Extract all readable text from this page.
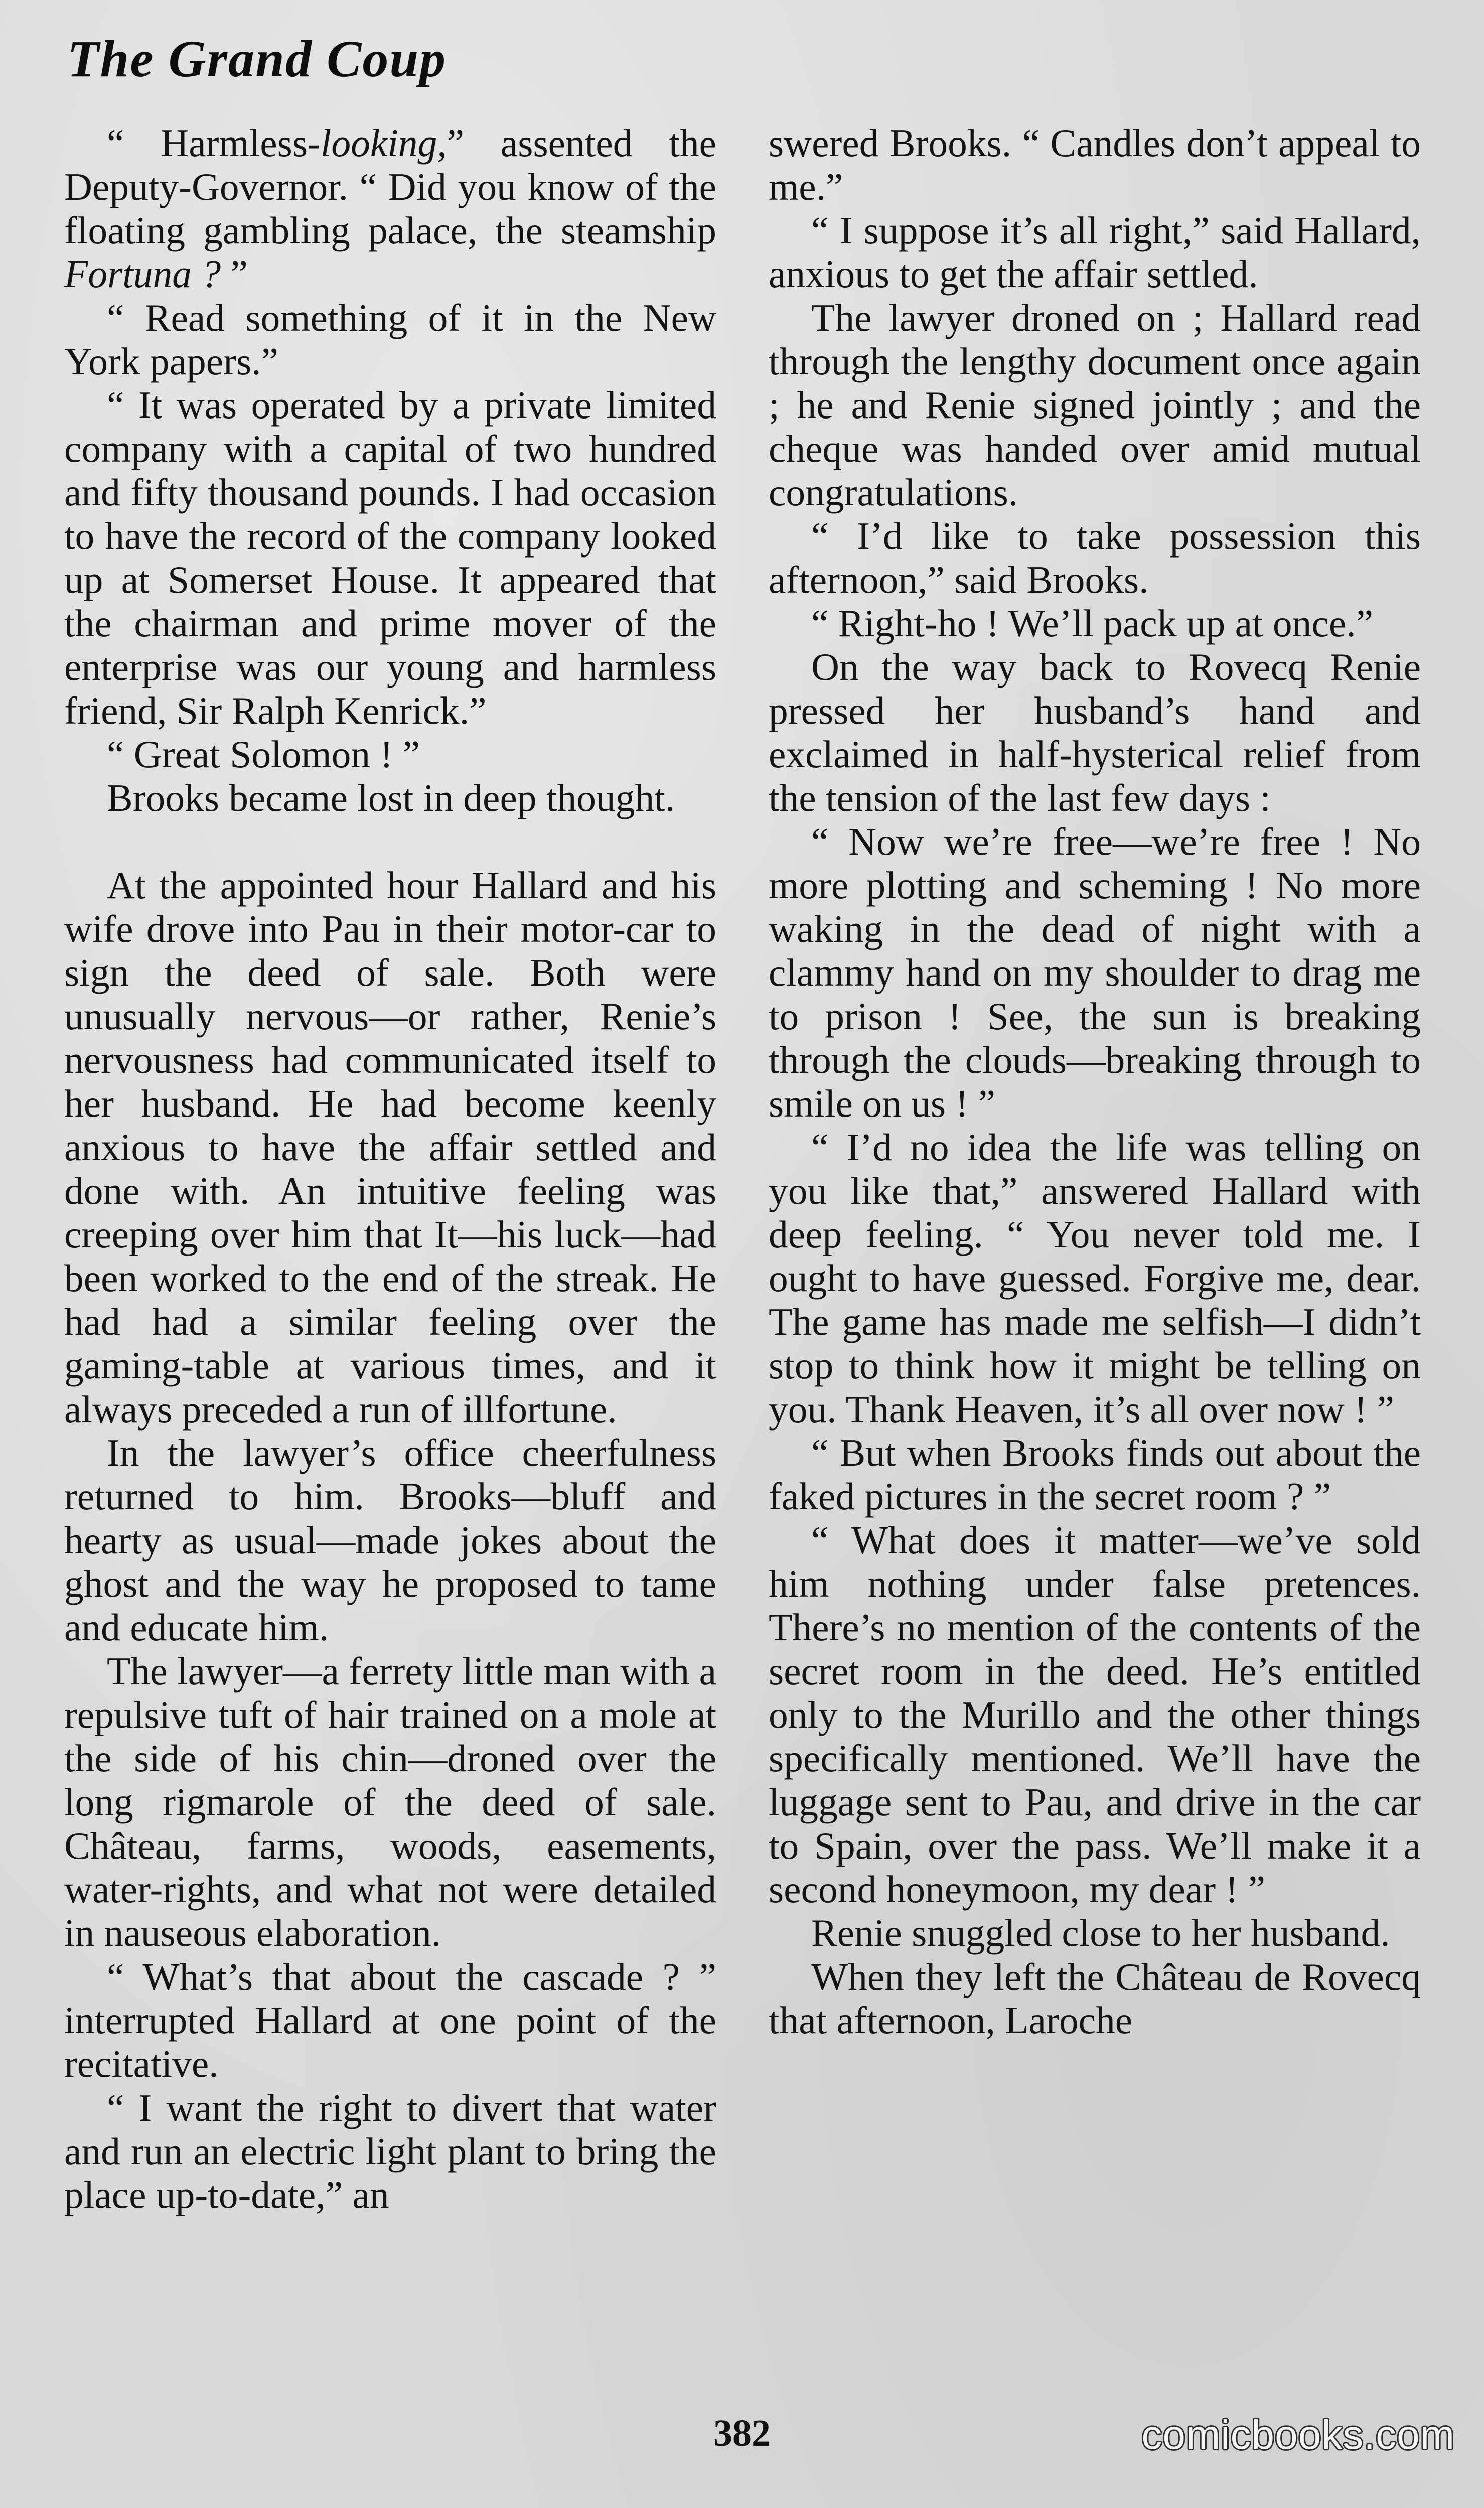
The Grand Coup

“ Harmless-looking,” assented the Deputy-Governor. “ Did you know of the floating gambling palace, the steamship Fortuna ? ”

“ Read something of it in the New York papers.”

“ It was operated by a private limited company with a capital of two hundred and fifty thousand pounds. I had occasion to have the record of the company looked up at Somerset House. It appeared that the chairman and prime mover of the enterprise was our young and harmless friend, Sir Ralph Kenrick.”

“ Great Solomon ! ”

Brooks became lost in deep thought.

At the appointed hour Hallard and his wife drove into Pau in their motor-car to sign the deed of sale. Both were unusually nervous—or rather, Renie’s nervousness had communicated itself to her husband. He had become keenly anxious to have the affair settled and done with. An intuitive feeling was creeping over him that It—his luck—had been worked to the end of the streak. He had had a similar feeling over the gaming-table at various times, and it always preceded a run of illfortune.

In the lawyer’s office cheerfulness returned to him. Brooks—bluff and hearty as usual—made jokes about the ghost and the way he proposed to tame and educate him.

The lawyer—a ferrety little man with a repulsive tuft of hair trained on a mole at the side of his chin—droned over the long rigmarole of the deed of sale. Château, farms, woods, easements, water-rights, and what not were detailed in nauseous elaboration.

“ What’s that about the cascade ? ” interrupted Hallard at one point of the recitative.

“ I want the right to divert that water and run an electric light plant to bring the place up-to-date,” an

swered Brooks. “ Candles don’t appeal to me.”

“ I suppose it’s all right,” said Hallard, anxious to get the affair settled.

The lawyer droned on ; Hallard read through the lengthy document once again ; he and Renie signed jointly ; and the cheque was handed over amid mutual congratulations.

“ I’d like to take possession this afternoon,” said Brooks.

“ Right-ho ! We’ll pack up at once.”

On the way back to Rovecq Renie pressed her husband’s hand and exclaimed in half-hysterical relief from the tension of the last few days :

“ Now we’re free—we’re free ! No more plotting and scheming ! No more waking in the dead of night with a clammy hand on my shoulder to drag me to prison ! See, the sun is breaking through the clouds—breaking through to smile on us ! ”

“ I’d no idea the life was telling on you like that,” answered Hallard with deep feeling. “ You never told me. I ought to have guessed. Forgive me, dear. The game has made me selfish—I didn’t stop to think how it might be telling on you. Thank Heaven, it’s all over now ! ”

“ But when Brooks finds out about the faked pictures in the secret room ? ”

“ What does it matter—we’ve sold him nothing under false pretences. There’s no mention of the contents of the secret room in the deed. He’s entitled only to the Murillo and the other things specifically mentioned. We’ll have the luggage sent to Pau, and drive in the car to Spain, over the pass. We’ll make it a second honeymoon, my dear ! ”

Renie snuggled close to her husband.

When they left the Château de Rovecq that afternoon, Laroche

382	comicbooks.com
